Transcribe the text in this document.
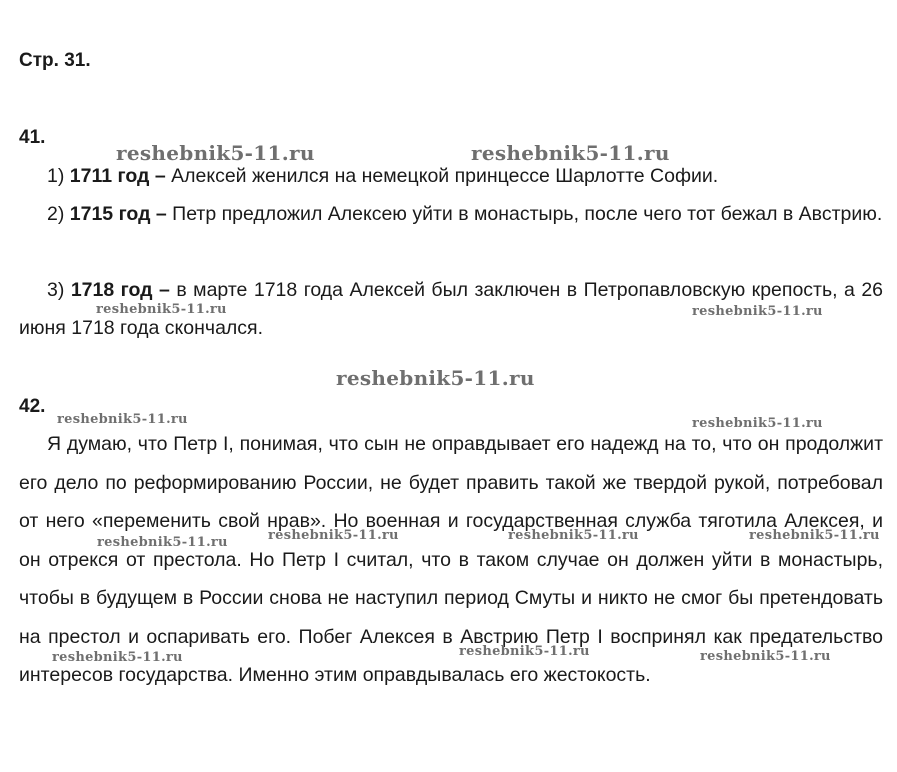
Стр. 31.

41.

1) 1711 год – Алексей женился на немецкой принцессе Шарлотте Софии.

2) 1715 год – Петр предложил Алексею уйти в монастырь, после чего тот бежал в Австрию.

3) 1718 год – в марте 1718 года Алексей был заключен в Петропавловскую крепость, а 26 июня 1718 года скончался.

42.

Я думаю, что Петр I, понимая, что сын не оправдывает его надежд на то, что он продолжит его дело по реформированию России, не будет править такой же твердой рукой, потребовал от него «переменить свой нрав». Но военная и государственная служба тяготила Алексея, и он отрекся от престола. Но Петр I считал, что в таком случае он должен уйти в монастырь, чтобы в будущем в России снова не наступил период Смуты и никто не смог бы претендовать на престол и оспаривать его. Побег Алексея в Австрию Петр I воспринял как предательство интересов государства. Именно этим оправдывалась его жестокость.

reshebnik5-11.ru	reshebnik5-11.ru
reshebnik5-11.ru	reshebnik5-11.ru
reshebnik5-11.ru
reshebnik5-11.ru	reshebnik5-11.ru
reshebnik5-11.ru	reshebnik5-11.ru	reshebnik5-11.ru	reshebnik5-11.ru
reshebnik5-11.ru	reshebnik5-11.ru	reshebnik5-11.ru
